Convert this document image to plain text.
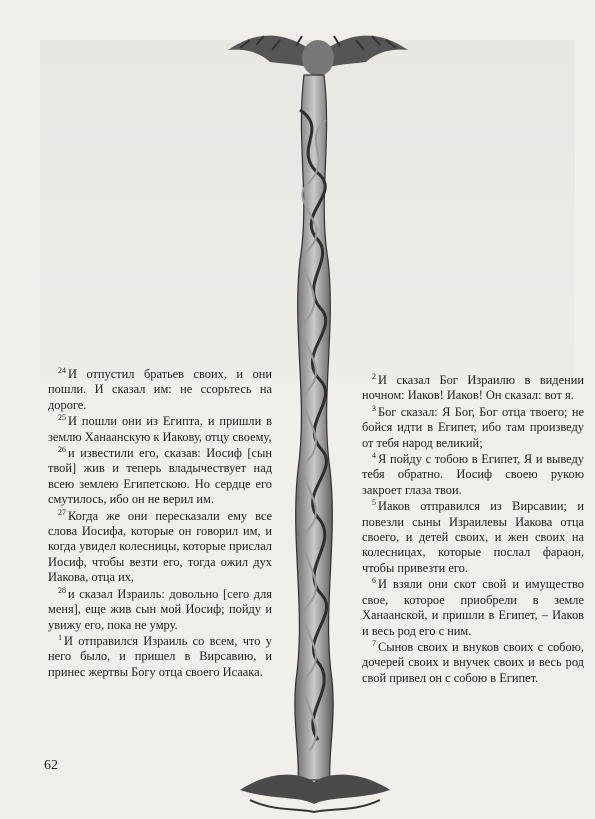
$^{24}$ И отпустил братьев своих, и они пошли. И сказал им: не ссорьтесь на дороге.

$^{25}$ И пошли они из Египта, и пришли в землю Ханаанскую к Иакову, отцу своему,

$^{26}$ и известили его, сказав: Иосиф [сын твой] жив и теперь владычествует над всею землею Египетскою. Но сердце его смутилось, ибо он не верил им.

$^{27}$ Когда же они пересказали ему все слова Иосифа, которые он говорил им, и когда увидел колесницы, которые прислал Иосиф, чтобы везти его, тогда ожил дух Иакова, отца их,

$^{28}$ и сказал Израиль: довольно [сего для меня], еще жив сын мой Иосиф; пойду и увижу его, пока не умру.

$^1$ И отправился Израиль со всем, что у него было, и пришел в Вирсавию, и принес жертвы Богу отца своего Исаака.

$^2$ И сказал Бог Израилю в видении ночном: Иаков! Иаков! Он сказал: вот я.

$^3$ Бог сказал: Я Бог, Бог отца твоего; не бойся идти в Египет, ибо там произведу от тебя народ великий;

$^4$ Я пойду с тобою в Египет, Я и выведу тебя обратно. Иосиф своею рукою закроет глаза твои.

$^5$ Иаков отправился из Вирсавии; и повезли сыны Израилевы Иакова отца своего, и детей своих, и жен своих на колесницах, которые послал фараон, чтобы привезти его.

$^6$ И взяли они скот свой и имущество свое, которое приобрели в земле Ханаанской, и пришли в Египет, – Иаков и весь род его с ним.

$^7$ Сынов своих и внуков своих с собою, дочерей своих и внучек своих и весь род свой привел он с собою в Египет.

62
